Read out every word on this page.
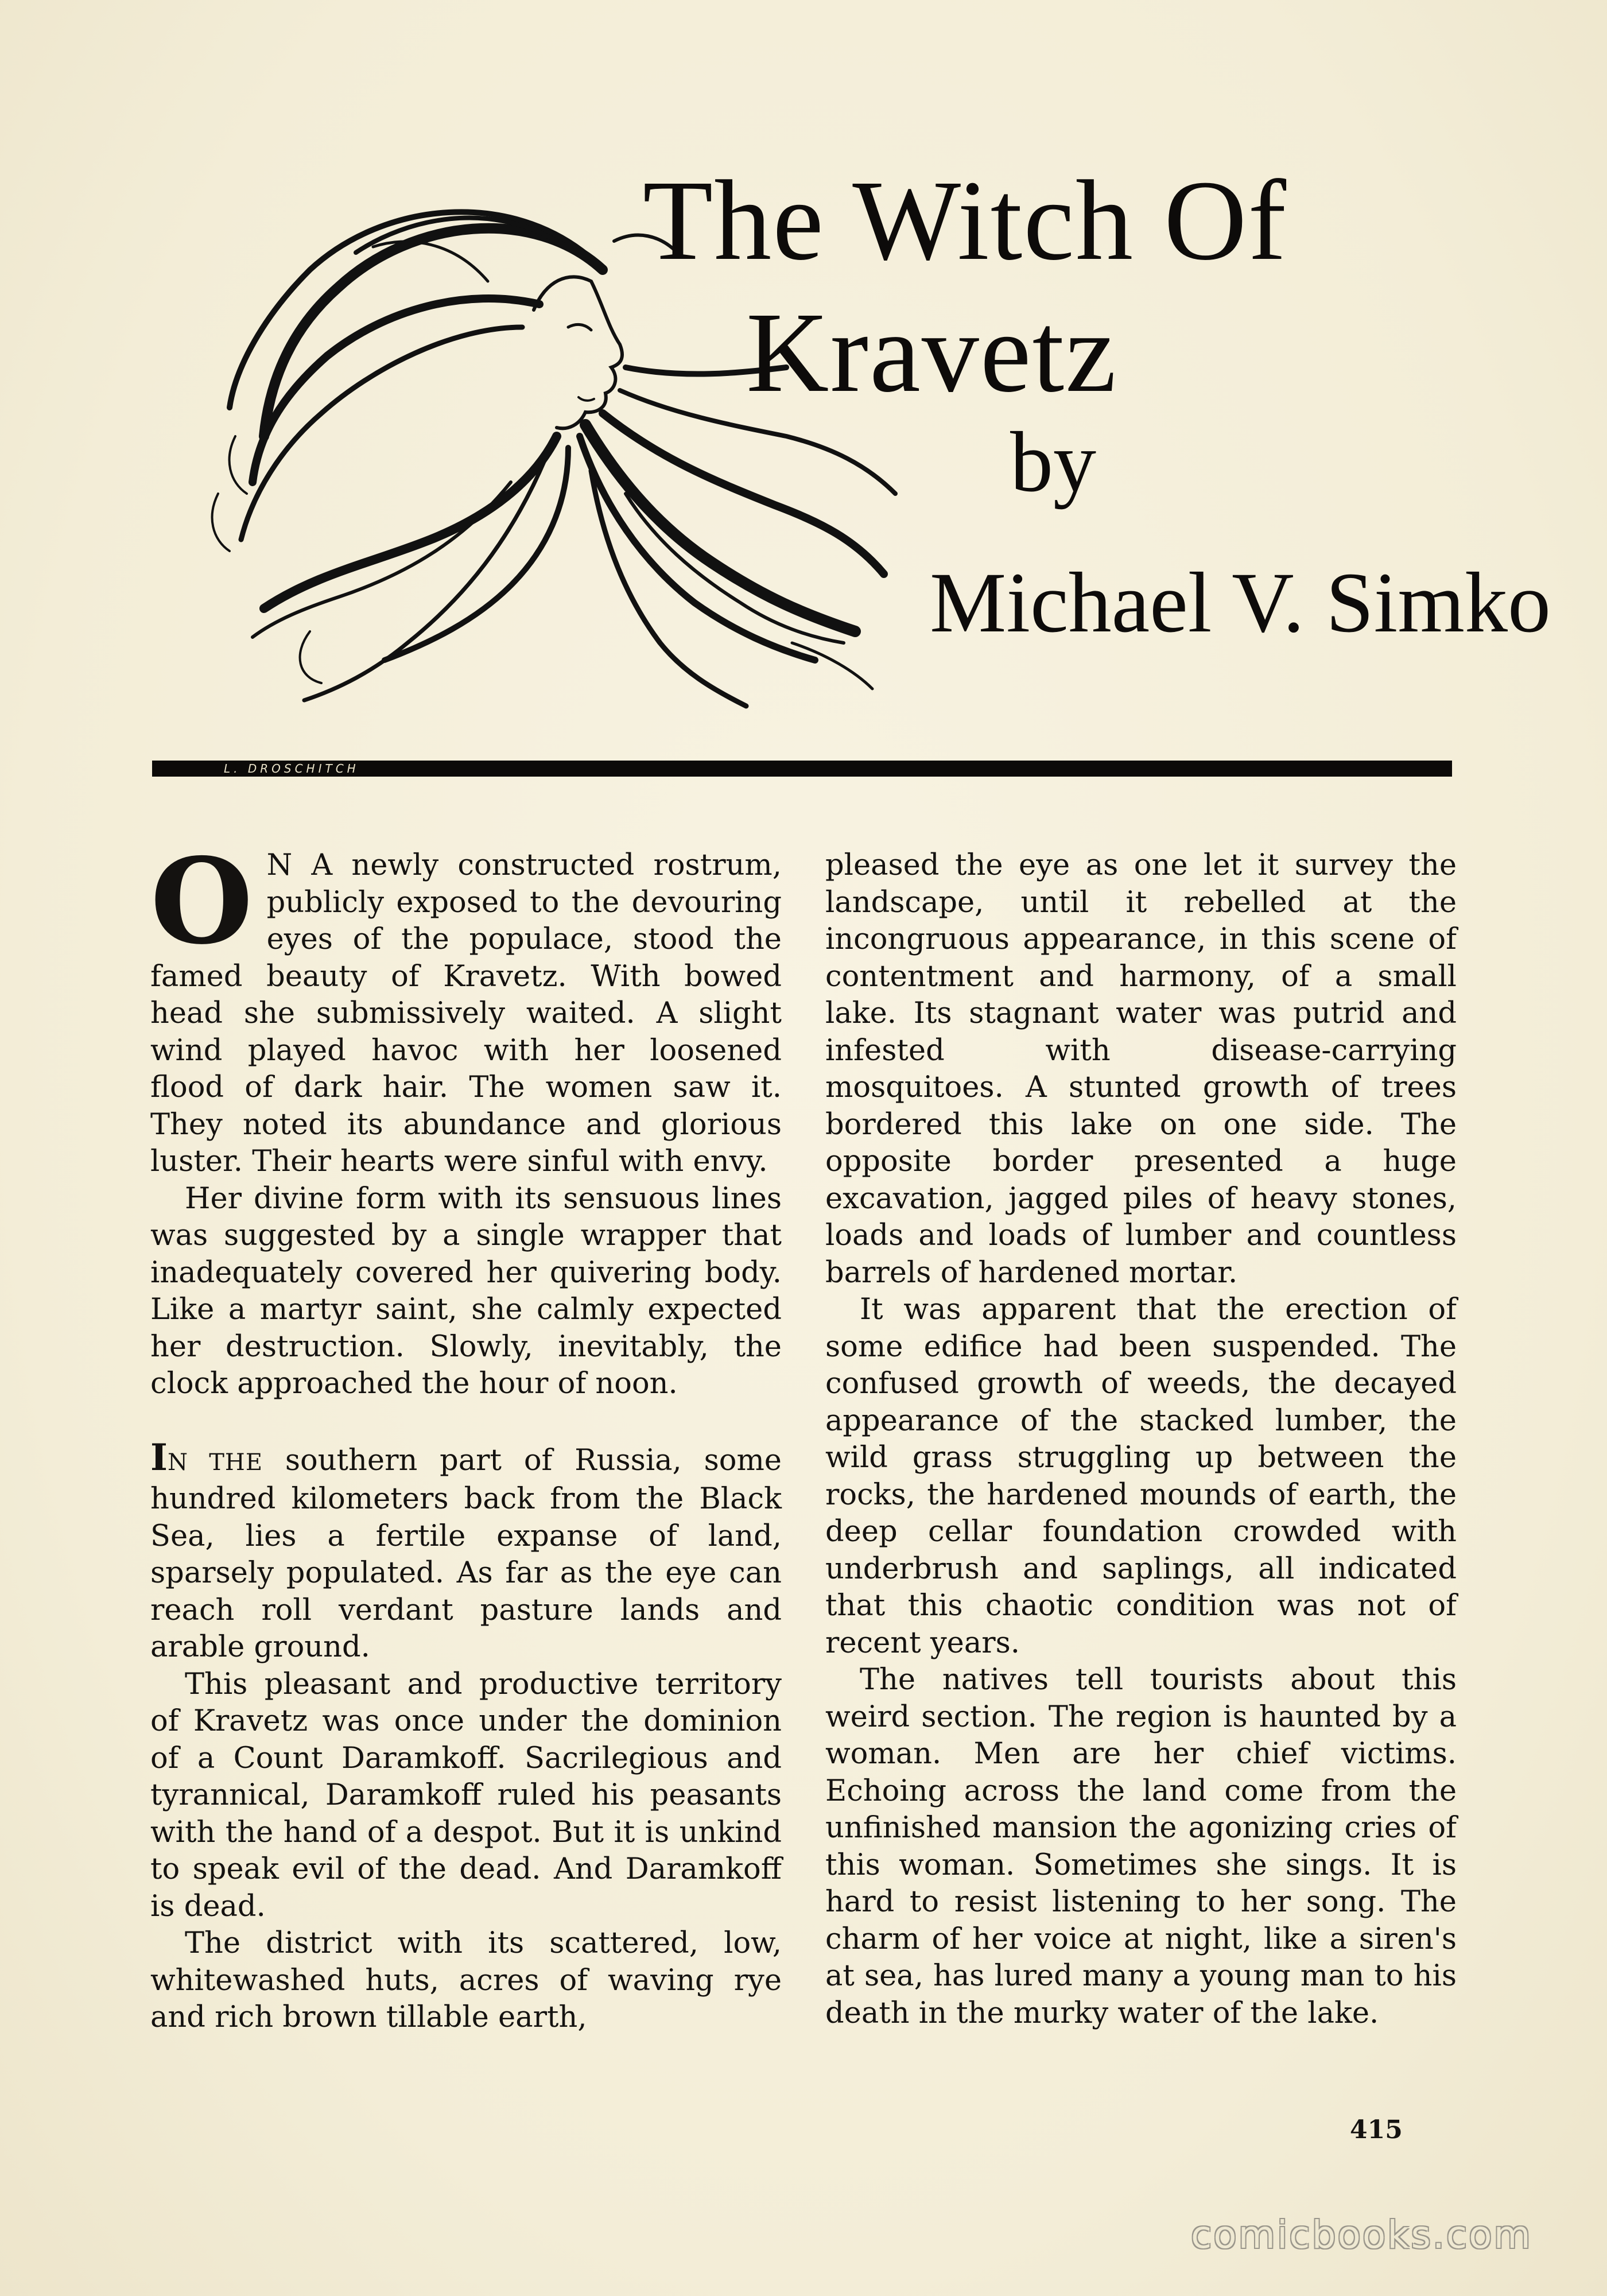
The Witch Of
Kravetz
by
Michael V. Simko
L. DROSCHITCH

O N A newly constructed rostrum, publicly exposed to the devouring eyes of the populace, stood the famed beauty of Kravetz. With bowed head she submissively waited. A slight wind played havoc with her loosened flood of dark hair. The women saw it. They noted its abundance and glorious luster. Their hearts were sinful with envy.

Her divine form with its sensuous lines was suggested by a single wrapper that inadequately covered her quivering body. Like a martyr saint, she calmly expected her destruction. Slowly, inevitably, the clock approached the hour of noon.

IN THE southern part of Russia, some hundred kilometers back from the Black Sea, lies a fertile expanse of land, sparsely populated. As far as the eye can reach roll verdant pasture lands and arable ground.

This pleasant and productive territory of Kravetz was once under the dominion of a Count Daramkoff. Sacrilegious and tyrannical, Daramkoff ruled his peasants with the hand of a despot. But it is unkind to speak evil of the dead. And Daramkoff is dead.

The district with its scattered, low, whitewashed huts, acres of waving rye and rich brown tillable earth,

pleased the eye as one let it survey the landscape, until it rebelled at the incongruous appearance, in this scene of contentment and harmony, of a small lake. Its stagnant water was putrid and infested with disease-carrying mosquitoes. A stunted growth of trees bordered this lake on one side. The opposite border presented a huge excavation, jagged piles of heavy stones, loads and loads of lumber and countless barrels of hardened mortar.

It was apparent that the erection of some edifice had been suspended. The confused growth of weeds, the decayed appearance of the stacked lumber, the wild grass struggling up between the rocks, the hardened mounds of earth, the deep cellar foundation crowded with underbrush and saplings, all indicated that this chaotic condition was not of recent years.

The natives tell tourists about this weird section. The region is haunted by a woman. Men are her chief victims. Echoing across the land come from the unfinished mansion the agonizing cries of this woman. Sometimes she sings. It is hard to resist listening to her song. The charm of her voice at night, like a siren's at sea, has lured many a young man to his death in the murky water of the lake.

415
comicbooks.com
